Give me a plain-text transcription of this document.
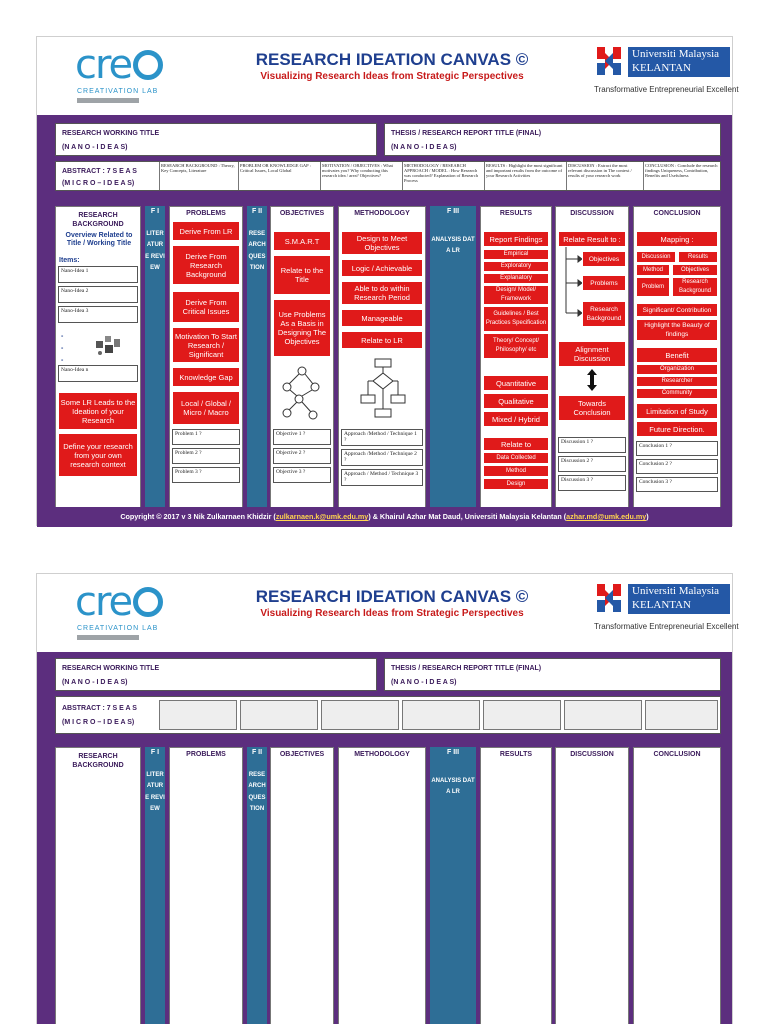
cre
CREATIVATION LAB
RESEARCH IDEATION CANVAS ©
Visualizing Research Ideas from Strategic Perspectives
Universiti Malaysia
KELANTAN
Transformative Entrepreneurial Excellent
RESEARCH WORKING TITLE
(N A N O - I D E A S)
THESIS / RESEARCH REPORT TITLE (FINAL)
(N A N O - I D E A S)
ABSTRACT : 7 S E A S
(M I C R O – I D E A S)
RESEARCH BACKGROUND : Theory, Key Concepts, Literature
PROBLEM OR KNOWLEDGE GAP : Critical Issues, Local Global
MOTIVATION / OBJECTIVES : What motivates you? Why conducting this research idea / area? Objectives?
METHODOLOGY / RESEARCH APPROACH / MODEL : How Research was conducted? Explanation of Research Process
RESULTS : Highlight the most significant and important results from the outcome of your Research Activities
DISCUSSION : Extract the most relevant discussion in The context / results of your research work
CONCLUSION : Conclude the research findings Uniqueness, Contribution, Benefits and Usefulness
RESEARCH BACKGROUND
Overview Related to Title / Working Title
Items:
Nano-Idea 1
Nano-Idea 2
Nano-Idea 3
-
-
-
Nano-Idea n
Some LR Leads to the Ideation of your Research
Define your research from your own research context
F I
LITERATURE REVIEW
PROBLEMS
Derive From LR
Derive From Research Background
Derive From Critical Issues
Motivation To Start Research / Significant
Knowledge Gap
Local / Global / Micro / Macro
Problem 1 ?
Problem 2 ?
Problem 3 ?
F II
RESEARCH QUESTION
OBJECTIVES
S.M.A.R.T
Relate to the Title
Use Problems As a Basis in Designing The Objectives
Objective 1 ?
Objective 2 ?
Objective 3 ?
METHODOLOGY
Design to Meet Objectives
Logic / Achievable
Able to do within Research Period
Manageable
Relate to LR
Approach /Method / Technique 1 ?
Approach /Method / Technique 2 ?
Approach / Method / Technique 3 ?
F III
ANALYSIS DATA LR
RESULTS
Report Findings
Empirical
Exploratory
Explanatory
Design/ Model/ Framework
Guidelines / Best Practices Specification
Theory/ Concept/ Philosophy/ etc
Quantitative
Qualitative
Mixed / Hybrid
Relate to
Data Collected
Method
Design
DISCUSSION
Relate Result to :
Objectives
Problems
Research Background
Alignment Discussion
Towards Conclusion
Discussion 1 ?
Discussion 2 ?
Discussion 3 ?
CONCLUSION
Mapping :
Discussion	Results
Method	Objectives
Problem
Research Background
Significant/ Contribution
Highlight the Beauty of findings
Benefit
Organization
Researcher
Community
Limitation of Study
Future Direction.
Conclusion 1 ?
Conclusion 2 ?
Conclusion 3 ?
Copyright © 2017 v 3 Nik Zulkarnaen Khidzir (zulkarnaen.k@umk.edu.my) & Khairul Azhar Mat Daud, Universiti Malaysia Kelantan (azhar.md@umk.edu.my)
cre
CREATIVATION LAB
RESEARCH IDEATION CANVAS ©
Visualizing Research Ideas from Strategic Perspectives
Universiti Malaysia
KELANTAN
Transformative Entrepreneurial Excellent
RESEARCH WORKING TITLE
(N A N O - I D E A S)
THESIS / RESEARCH REPORT TITLE (FINAL)
(N A N O - I D E A S)
ABSTRACT : 7 S E A S
(M I C R O – I D E A S)
RESEARCH BACKGROUND
F I
LITERATURE REVIEW
PROBLEMS	F II
RESEARCH QUESTION
OBJECTIVES	METHODOLOGY	F III
ANALYSIS DATA LR
RESULTS	DISCUSSION	CONCLUSION
